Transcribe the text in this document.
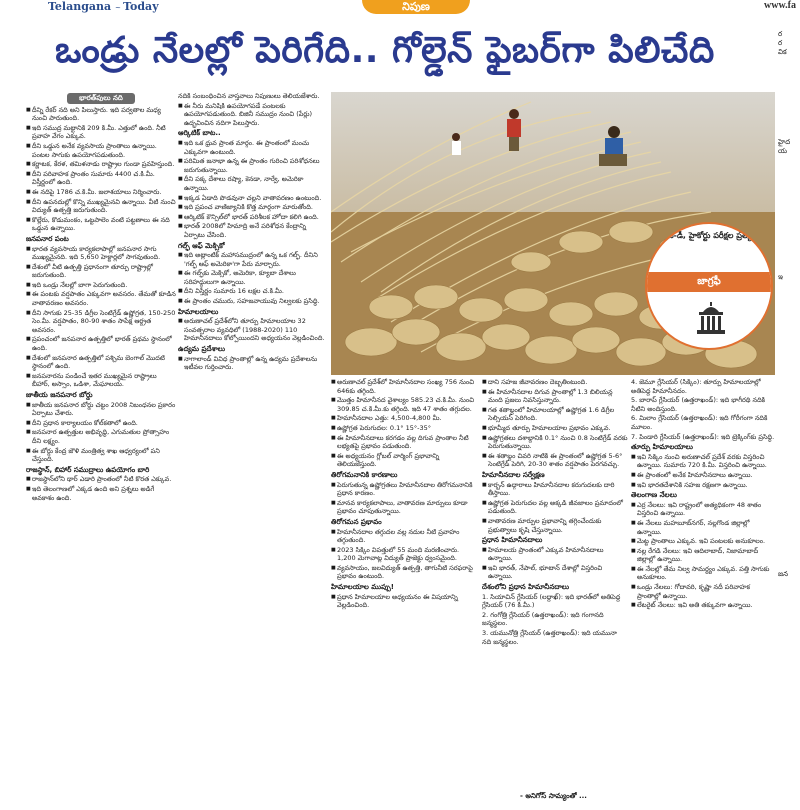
Telangana ~ Today	నిపుణ	www.fa
ఒండ్రు నేలల్లో పెరిగేది.. గోల్డెన్ ఫైబర్‌గా పిలిచేది
భారత్‌పులు నది

■ దీన్ని రేకర్ నది అని పిలుస్తారు. ఇది పర్వతాల మధ్య నుంచి పారుతుంది.

■ ఇది సముద్ర మట్టానికి 209 కి.మీ. ఎత్తులో ఉంది. నీటి ప్రవాహ వేగం ఎక్కువ.

■ దీని ఒడ్డున అనేక వ్యవసాయ ప్రాంతాలు ఉన్నాయి. పంటల సాగుకు ఉపయోగపడుతుంది.

■ కర్ణాటక, కేరళ, తమిళనాడు రాష్ట్రాల గుండా ప్రవహిస్తుంది.

■ దీని పరివాహక ప్రాంతం సుమారు 4400 చ.కి.మీ. విస్తీర్ణంలో ఉంది.

■ ఈ నదిపై 1786 చ.కి.మీ. జలాశయాలు నిర్మించారు.

■ దీని ఉపనదుల్లో కొన్ని ముఖ్యమైనవి ఉన్నాయి. వీటి నుంచి విద్యుత్ ఉత్పత్తి జరుగుతుంది.

■ కొల్లేరు, కొడుమంకం, ఒట్టపాలెం వంటి పట్టణాలు ఈ నది ఒడ్డున ఉన్నాయి.

జనపనార పంట

■ భారత వ్యవసాయ కార్యకలాపాల్లో జనపనార సాగు ముఖ్యమైనది. ఇది 5,650 హెక్టార్లలో సాగవుతుంది.

■ దేశంలో వీటి ఉత్పత్తి ప్రధానంగా తూర్పు రాష్ట్రాల్లో జరుగుతుంది.

■ ఇది ఒండ్రు నేలల్లో బాగా పెరుగుతుంది.

■ ఈ పంటకు వర్షపాతం ఎక్కువగా అవసరం. తేమతో కూడిన వాతావరణం అవసరం.

■ దీని సాగుకు 25-35 డిగ్రీల సెంటిగ్రేడ్ ఉష్ణోగ్రత, 150-250 సెం.మీ. వర్షపాతం, 80-90 శాతం సాపేక్ష ఆర్ద్రత అవసరం.

■ ప్రపంచంలో జనపనార ఉత్పత్తిలో భారత్ ప్రథమ స్థానంలో ఉంది.

■ దేశంలో జనపనార ఉత్పత్తిలో పశ్చిమ బెంగాల్ మొదటి స్థానంలో ఉంది.

■ జనపనారను పండించే ఇతర ముఖ్యమైన రాష్ట్రాలు బీహార్, అస్సాం, ఒడిశా, మేఘాలయ.

జాతీయ జనపనార బోర్డు

■ జాతీయ జనపనార బోర్డు చట్టం 2008 నిబంధనల ప్రకారం ఏర్పాటు చేశారు.

■ దీని ప్రధాన కార్యాలయం కోల్‌కతాలో ఉంది.

■ జనపనార ఉత్పత్తుల అభివృద్ధి, ఎగుమతుల ప్రోత్సాహం దీని లక్ష్యం.

■ ఈ బోర్డు కేంద్ర జౌళి మంత్రిత్వ శాఖ ఆధ్వర్యంలో పని చేస్తుంది.

రాజస్థాన్, బిహార్ సముద్రాలు ఉపయోగం బారి

■ రాజస్థాన్‌లోని థార్ ఎడారి ప్రాంతంలో నీటి కొరత ఎక్కువ.

■ ఇది తెలంగాణలో ఎక్కడ ఉంది అని ప్రశ్నలు అడిగే అవకాశం ఉంది.

నదికి సంబంధించిన వాస్తవాలు నిపుణులు తెలియజేశారు.

■ ఈ నీరు మనిషికి ఉపయోగపడే పంటలకు ఉపయోగపడుతుంది. బిజినీ సముద్రం నుంచి (పేర్లు) ఉద్భవించిన నదిగా పిలుస్తారు.

ఆర్కిటిక్ బాట..

■ ఇది ఒక ధ్రువ ప్రాంత మార్గం. ఈ ప్రాంతంలో మంచు ఎక్కువగా ఉంటుంది.

■ పరిమిత జనాభా ఉన్న ఈ ప్రాంతం గురించి పరిశోధనలు జరుగుతున్నాయి.

■ దీని పక్క దేశాలు రష్యా, కెనడా, నార్వే, అమెరికా ఉన్నాయి.

■ ఇక్కడ ఏడాది పొడవునా చల్లని వాతావరణం ఉంటుంది.

■ ఇది ప్రపంచ వాణిజ్యానికి కొత్త మార్గంగా మారుతోంది.

■ ఆర్కిటిక్ కౌన్సిల్‌లో భారత్ పరిశీలక హోదా కలిగి ఉంది.

■ భారత్ 2008లో హిమాద్రి అనే పరిశోధన కేంద్రాన్ని ఏర్పాటు చేసింది.

గల్ఫ్ ఆఫ్ మెక్సికో

■ ఇది అట్లాంటిక్ మహాసముద్రంలో ఉన్న ఒక గల్ఫ్. దీనిని 'గల్ఫ్ ఆఫ్ అమెరికా'గా పేరు మార్చారు.

■ ఈ గల్ఫ్‌కు మెక్సికో, అమెరికా, క్యూబా దేశాలు సరిహద్దులుగా ఉన్నాయి.

■ దీని విస్తీర్ణం సుమారు 16 లక్షల చ.కి.మీ.

■ ఈ ప్రాంతం చమురు, సహజవాయువు నిల్వలకు ప్రసిద్ధి.

హిమాలయాలు

■ అరుణాచల్ ప్రదేశ్‌లోని తూర్పు హిమాలయాల 32 సంవత్సరాల వ్యవధిలో (1988-2020) 110 హిమానీనదాలు కోల్పోయిందని అధ్యయనం వెల్లడించింది.

ఉద్యమ ప్రదేశాలు

■ నాగాలాండ్ వివిధ ప్రాంతాల్లో ఉన్న ఉద్యమ ప్రదేశాలను ఇటీవల గుర్తించారు.

గ్రూప్-డీ, హైకోర్టు పరీక్షల ప్రత్యేకం
జాగ్రఫీ

■ అరుణాచల్ ప్రదేశ్‌లో హిమానీనదాల సంఖ్య 756 నుంచి 646కు తగ్గింది.

■ మొత్తం హిమానీనద వైశాల్యం 585.23 చ.కి.మీ. నుంచి 309.85 చ.కి.మీ.కు తగ్గింది. ఇది 47 శాతం తగ్గుదల.

■ హిమానీనదాల ఎత్తు: 4,500-4,800 మీ.

■ ఉష్ణోగ్రత పెరుగుదల: 0.1° 15°-35°

■ ఈ హిమానీనదాలు కరగడం వల్ల దిగువ ప్రాంతాల నీటి లభ్యతపై ప్రభావం పడుతుంది.

■ ఈ అధ్యయనం గ్లోబల్ వార్మింగ్ ప్రభావాన్ని తెలియజేస్తుంది.

తిరోగమనానికి కారణాలు

■ పెరుగుతున్న ఉష్ణోగ్రతలు హిమానీనదాల తిరోగమనానికి ప్రధాన కారణం.

■ మానవ కార్యకలాపాలు, వాతావరణ మార్పులు కూడా ప్రభావం చూపుతున్నాయి.

తిరోగమన ప్రభావం

■ హిమానీనదాల తగ్గుదల వల్ల నదుల నీటి ప్రవాహం తగ్గుతుంది.

■ 2023 సిక్కిం విపత్తులో 55 మంది మరణించారు. 1,200 మెగావాట్ల విద్యుత్ ప్రాజెక్టు ధ్వంసమైంది.

■ వ్యవసాయం, జలవిద్యుత్ ఉత్పత్తి, తాగునీటి సరఫరాపై ప్రభావం ఉంటుంది.

హిమాలయాల ముప్పు!

■ ప్రధాన హిమాలయాల అధ్యయనం ఈ విషయాన్ని వెల్లడించింది.

■ దాని సహజ జీవావరణం దెబ్బతింటుంది.

■ ఈ హిమానీనదాల దిగువ ప్రాంతాల్లో 1.3 బిలియన్ల మంది ప్రజలు నివసిస్తున్నారు.

■ గత శతాబ్దంలో హిమాలయాల్లో ఉష్ణోగ్రత 1.6 డిగ్రీల సెల్సియస్ పెరిగింది.

■ భూమ్మీద తూర్పు హిమాలయాల ప్రభావం ఎక్కువ.

■ ఉష్ణోగ్రతలు దశాబ్దానికి 0.1° నుంచి 0.8 సెంటిగ్రేడ్ వరకు పెరుగుతున్నాయి.

■ ఈ శతాబ్దం చివరి నాటికి ఈ ప్రాంతంలో ఉష్ణోగ్రత 5-6° సెంటిగ్రేడ్ పెరిగి, 20-30 శాతం వర్షపాతం పెరగవచ్చు.

హిమానీనదాల సర్వేక్షణ

■ కార్బన్ ఉద్గారాలు హిమానీనదాల కరుగుదలకు దారి తీస్తాయి.

■ ఉష్ణోగ్రత పెరుగుదల వల్ల అక్కడి జీవజాలం ప్రమాదంలో పడుతుంది.

■ వాతావరణ మార్పుల ప్రభావాన్ని తగ్గించేందుకు ప్రభుత్వాలు కృషి చేస్తున్నాయి.

ప్రధాన హిమానీనదాలు

■ హిమాలయ ప్రాంతంలో ఎక్కువ హిమానీనదాలు ఉన్నాయి.

■ ఇవి భారత్, నేపాల్, భూటాన్ దేశాల్లో విస్తరించి ఉన్నాయి.

దేశంలోని ప్రధాన హిమానీనదాలు

1. సియాచిన్ గ్లేసియర్ (లద్దాఖ్): ఇది భారత్‌లో అతిపెద్ద గ్లేసియర్ (76 కి.మీ.)

2. గంగోత్రి గ్లేసియర్ (ఉత్తరాఖండ్): ఇది గంగానది జన్మస్థలం.

3. యమునోత్రి గ్లేసియర్ (ఉత్తరాఖండ్): ఇది యమునా నది జన్మస్థలం.

- అనిగోస్ సామ్యంతో ...

4. జెమూ గ్లేసియర్ (సిక్కిం): తూర్పు హిమాలయాల్లో అతిపెద్ద హిమానీనదం.

5. బారాప్ గ్లేసియర్ (ఉత్తరాఖండ్): ఇది భాగీరథి నదికి నీటిని అందిస్తుంది.

6. మిలాం గ్లేసియర్ (ఉత్తరాఖండ్): ఇది గోరీగంగా నదికి మూలం.

7. పిండారి గ్లేసియర్ (ఉత్తరాఖండ్): ఇది ట్రెక్కింగ్‌కు ప్రసిద్ధి.

తూర్పు హిమాలయాలు

■ ఇవి సిక్కిం నుంచి అరుణాచల్ ప్రదేశ్ వరకు విస్తరించి ఉన్నాయి. సుమారు 720 కి.మీ. విస్తరించి ఉన్నాయి.

■ ఈ ప్రాంతంలో అనేక హిమానీనదాలు ఉన్నాయి.

■ ఇవి భారతదేశానికి సహజ రక్షణగా ఉన్నాయి.

తెలంగాణ నేలలు

■ ఎర్ర నేలలు: ఇవి రాష్ట్రంలో అత్యధికంగా 48 శాతం విస్తరించి ఉన్నాయి.

■ ఈ నేలలు మహబూబ్‌నగర్, నల్లగొండ జిల్లాల్లో ఉన్నాయి.

■ మెట్ట ప్రాంతాలు ఎక్కువ. ఇవి పంటలకు అనుకూలం.

■ నల్ల రేగడి నేలలు: ఇవి ఆదిలాబాద్, నిజామాబాద్ జిల్లాల్లో ఉన్నాయి.

■ ఈ నేలల్లో తేమ నిల్వ సామర్థ్యం ఎక్కువ. పత్తి సాగుకు అనుకూలం.

■ ఒండ్రు నేలలు: గోదావరి, కృష్ణా నదీ పరివాహక ప్రాంతాల్లో ఉన్నాయి.

■ లేటరైట్ నేలలు: ఇవి అతి తక్కువగా ఉన్నాయి.

ర
ర
విక

హైద
య

ఇ

జన
